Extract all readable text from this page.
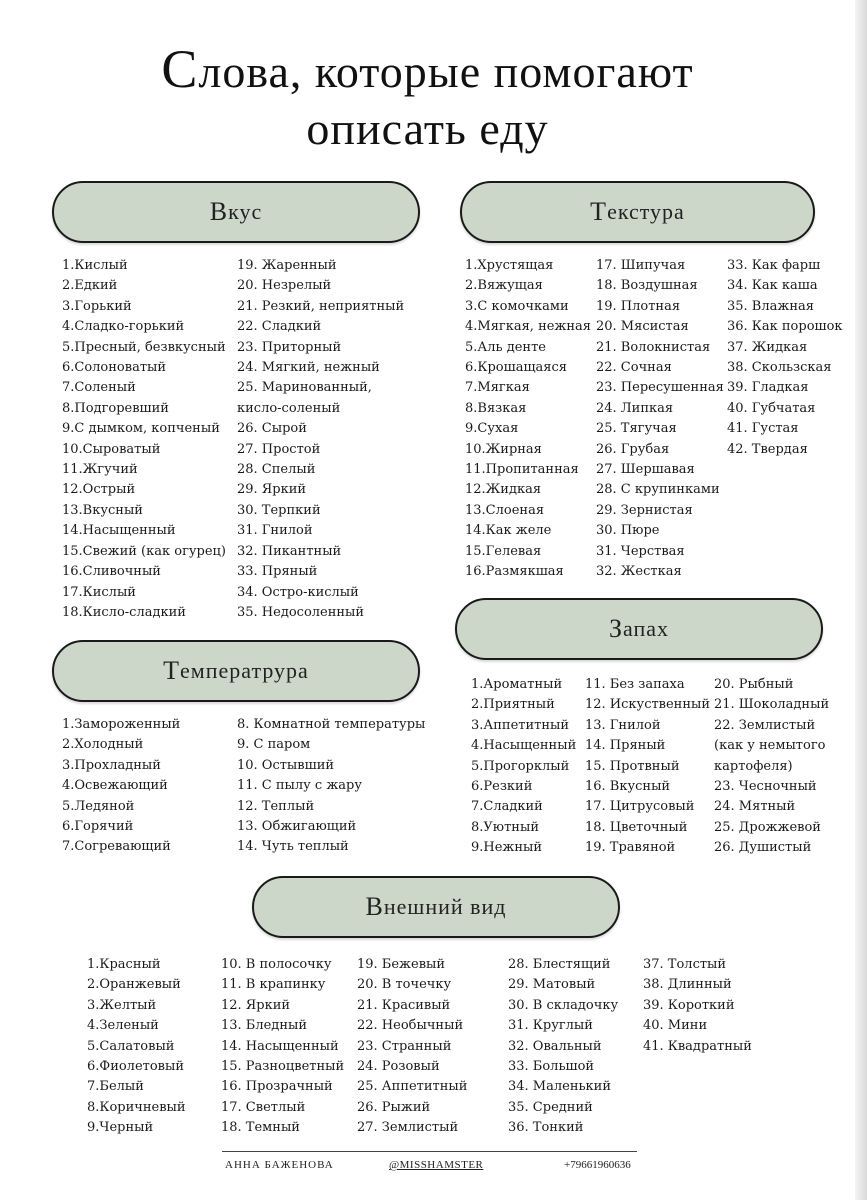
Слова, которые помогают
описать еду
В кус
1.Кислый
2.Едкий
3.Горький
4.Сладко-горький
5.Пресный, безвкусный
6.Солоноватый
7.Соленый
8.Подгоревший
9.С дымком, копченый
10.Сыроватый
11.Жгучий
12.Острый
13.Вкусный
14.Насыщенный
15.Свежий (как огурец)
16.Сливочный
17.Кислый
18.Кисло-сладкий
19. Жаренный
20. Незрелый
21. Резкий, неприятный
22. Сладкий
23. Приторный
24. Мягкий, нежный
25. Маринованный,
кисло-соленый
26. Сырой
27. Простой
28. Спелый
29. Яркий
30. Терпкий
31. Гнилой
32. Пикантный
33. Пряный
34. Остро-кислый
35. Недосоленный
Т екстура
1.Хрустящая
2.Вяжущая
3.С комочками
4.Мягкая, нежная
5.Аль денте
6.Крошащаяся
7.Мягкая
8.Вязкая
9.Сухая
10.Жирная
11.Пропитанная
12.Жидкая
13.Слоеная
14.Как желе
15.Гелевая
16.Размякшая
17. Шипучая
18. Воздушная
19. Плотная
20. Мясистая
21. Волокнистая
22. Сочная
23. Пересушенная
24. Липкая
25. Тягучая
26. Грубая
27. Шершавая
28. С крупинками
29. Зернистая
30. Пюре
31. Черствая
32. Жесткая
33. Как фарш
34. Как каша
35. Влажная
36. Как порошок
37. Жидкая
38. Скользская
39. Гладкая
40. Губчатая
41. Густая
42. Твердая
З апах
1.Ароматный
2.Приятный
3.Аппетитный
4.Насыщенный
5.Прогорклый
6.Резкий
7.Сладкий
8.Уютный
9.Нежный
11. Без запаха
12. Искуственный
13. Гнилой
14. Пряный
15. Протвный
16. Вкусный
17. Цитрусовый
18. Цветочный
19. Травяной
20. Рыбный
21. Шоколадный
22. Землистый
(как у немытого
картофеля)
23. Чесночный
24. Мятный
25. Дрожжевой
26. Душистый
Т емператрура
1.Замороженный
2.Холодный
3.Прохладный
4.Освежающий
5.Ледяной
6.Горячий
7.Согревающий
8. Комнатной температуры
9. С паром
10. Остывший
11. С пылу с жару
12. Теплый
13. Обжигающий
14. Чуть теплый
В нешний вид
1.Красный
2.Оранжевый
3.Желтый
4.Зеленый
5.Салатовый
6.Фиолетовый
7.Белый
8.Коричневый
9.Черный
10. В полосочку
11. В крапинку
12. Яркий
13. Бледный
14. Насыщенный
15. Разноцветный
16. Прозрачный
17. Светлый
18. Темный
19. Бежевый
20. В точечку
21. Красивый
22. Необычный
23. Странный
24. Розовый
25. Аппетитный
26. Рыжий
27. Землистый
28. Блестящий
29. Матовый
30. В складочку
31. Круглый
32. Овальный
33. Большой
34. Маленький
35. Средний
36. Тонкий
37. Толстый
38. Длинный
39. Короткий
40. Мини
41. Квадратный
АННА БАЖЕНОВА	@MISSHAMSTER	+79661960636
